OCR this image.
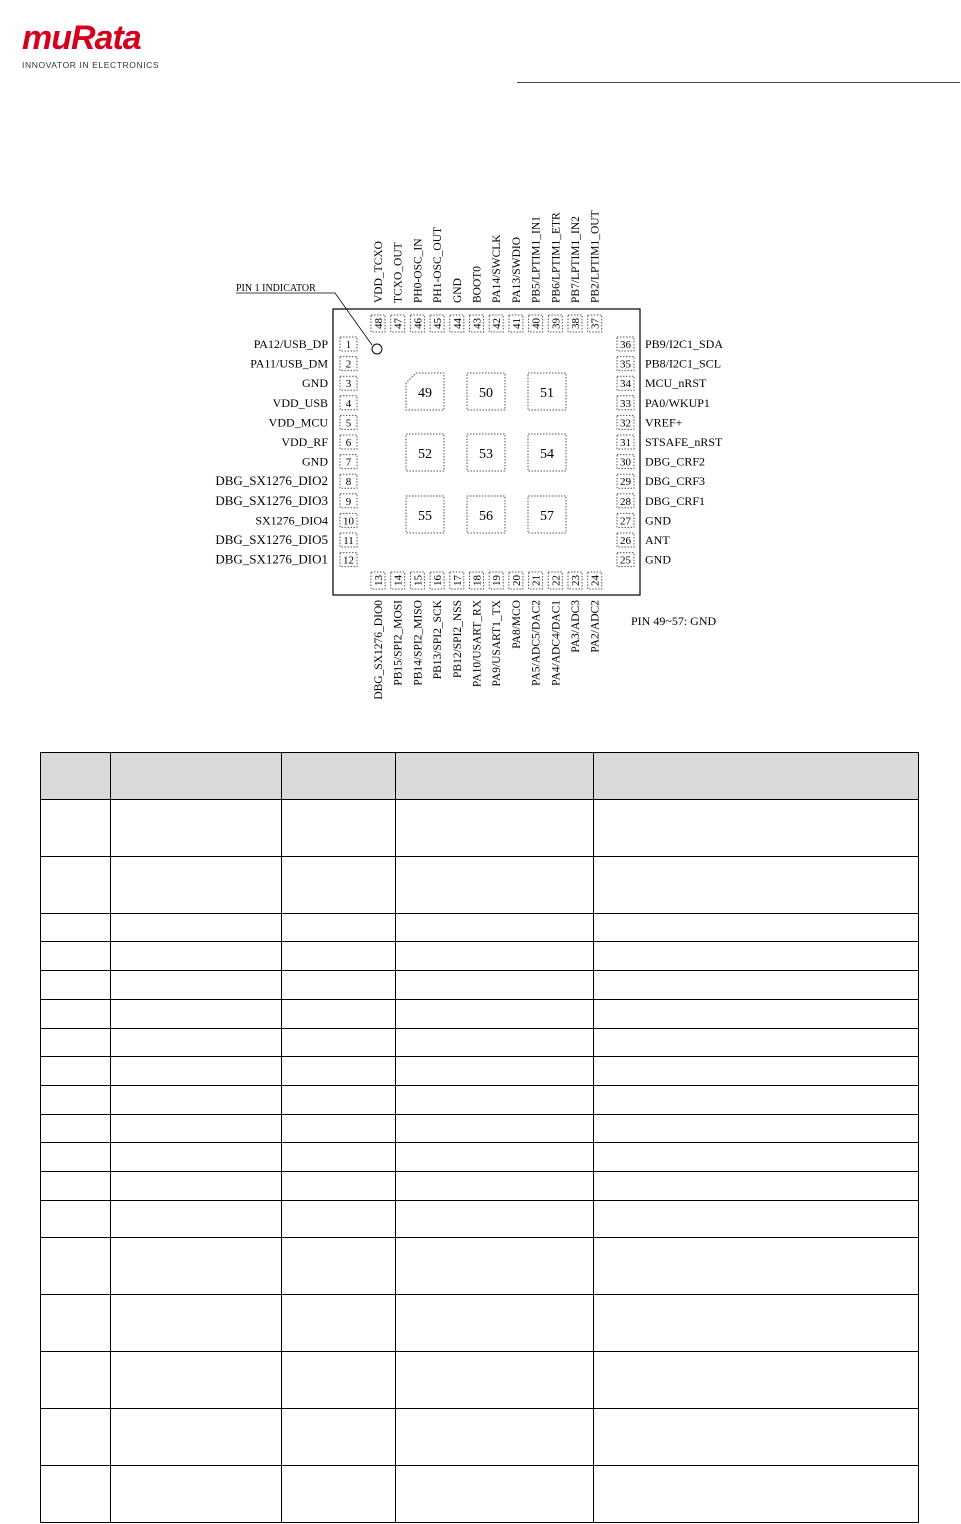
muRata
INNOVATOR IN ELECTRONICS
PIN 1 INDICATOR
1
PA12/USB_DP	36 PB9/I2C1_SDA
2
PA11/USB_DM	35 PB8/I2C1_SCL
3
GND	34 MCU_nRST
4
VDD_USB	33 PA0/WKUP1
5
VDD_MCU	32 VREF+
6
VDD_RF	31 STSAFE_nRST
7
GND	30 DBG_CRF2
8
DBG_SX1276_DIO2	29 DBG_CRF3
9
DBG_SX1276_DIO3	28 DBG_CRF1
10
SX1276_DIO4	27 GND
11
DBG_SX1276_DIO5	26 ANT
12
DBG_SX1276_DIO1	25 GND
48
VDD_TCXO
13
DBG_SX1276_DIO0
47
TCXO_OUT
14
PB15/SPI2_MOSI
46
PH0-OSC_IN
15
PB14/SPI2_MISO
45
PH1-OSC_OUT
16
PB13/SPI2_SCK
44
GND
17
PB12/SPI2_NSS
43
BOOT0
18
PA10/USART_RX
42
PA14/SWCLK
19
PA9/USART1_TX
41
PA13/SWDIO
20
PA8/MCO
40
PB5/LPTIM1_IN1
21
PA5/ADC5/DAC2
39
PB6/LPTIM1_ETR
22
PA4/ADC4/DAC1
38
PB7/LPTIM1_IN2
23
PA3/ADC3
37
PB2/LPTIM1_OUT
24
PA2/ADC2
49	50	51
52	53	54
55	56	57
PIN 49~57: GND
